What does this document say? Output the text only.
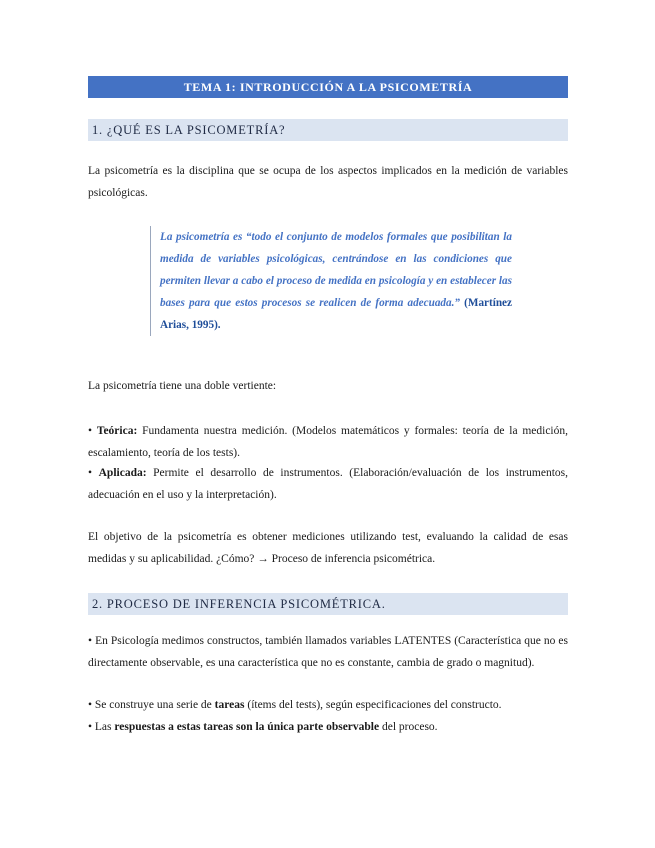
TEMA 1: INTRODUCCIÓN A LA PSICOMETRÍA
1. ¿QUÉ ES LA PSICOMETRÍA?

La psicometría es la disciplina que se ocupa de los aspectos implicados en la medición de variables psicológicas.

La psicometría es “todo el conjunto de modelos formales que posibilitan la medida de variables psicológicas, centrándose en las condiciones que permiten llevar a cabo el proceso de medida en psicología y en establecer las bases para que estos procesos se realicen de forma adecuada.” (Martínez Arias, 1995).

La psicometría tiene una doble vertiente:

• Teórica: Fundamenta nuestra medición. (Modelos matemáticos y formales: teoría de la medición, escalamiento, teoría de los tests).

• Aplicada: Permite el desarrollo de instrumentos. (Elaboración/evaluación de los instrumentos, adecuación en el uso y la interpretación).

El objetivo de la psicometría es obtener mediciones utilizando test, evaluando la calidad de esas medidas y su aplicabilidad. ¿Cómo? → Proceso de inferencia psicométrica.

2. PROCESO DE INFERENCIA PSICOMÉTRICA.

• En Psicología medimos constructos, también llamados variables LATENTES (Característica que no es directamente observable, es una característica que no es constante, cambia de grado o magnitud).

• Se construye una serie de tareas (ítems del tests), según especificaciones del constructo.

• Las respuestas a estas tareas son la única parte observable del proceso.
